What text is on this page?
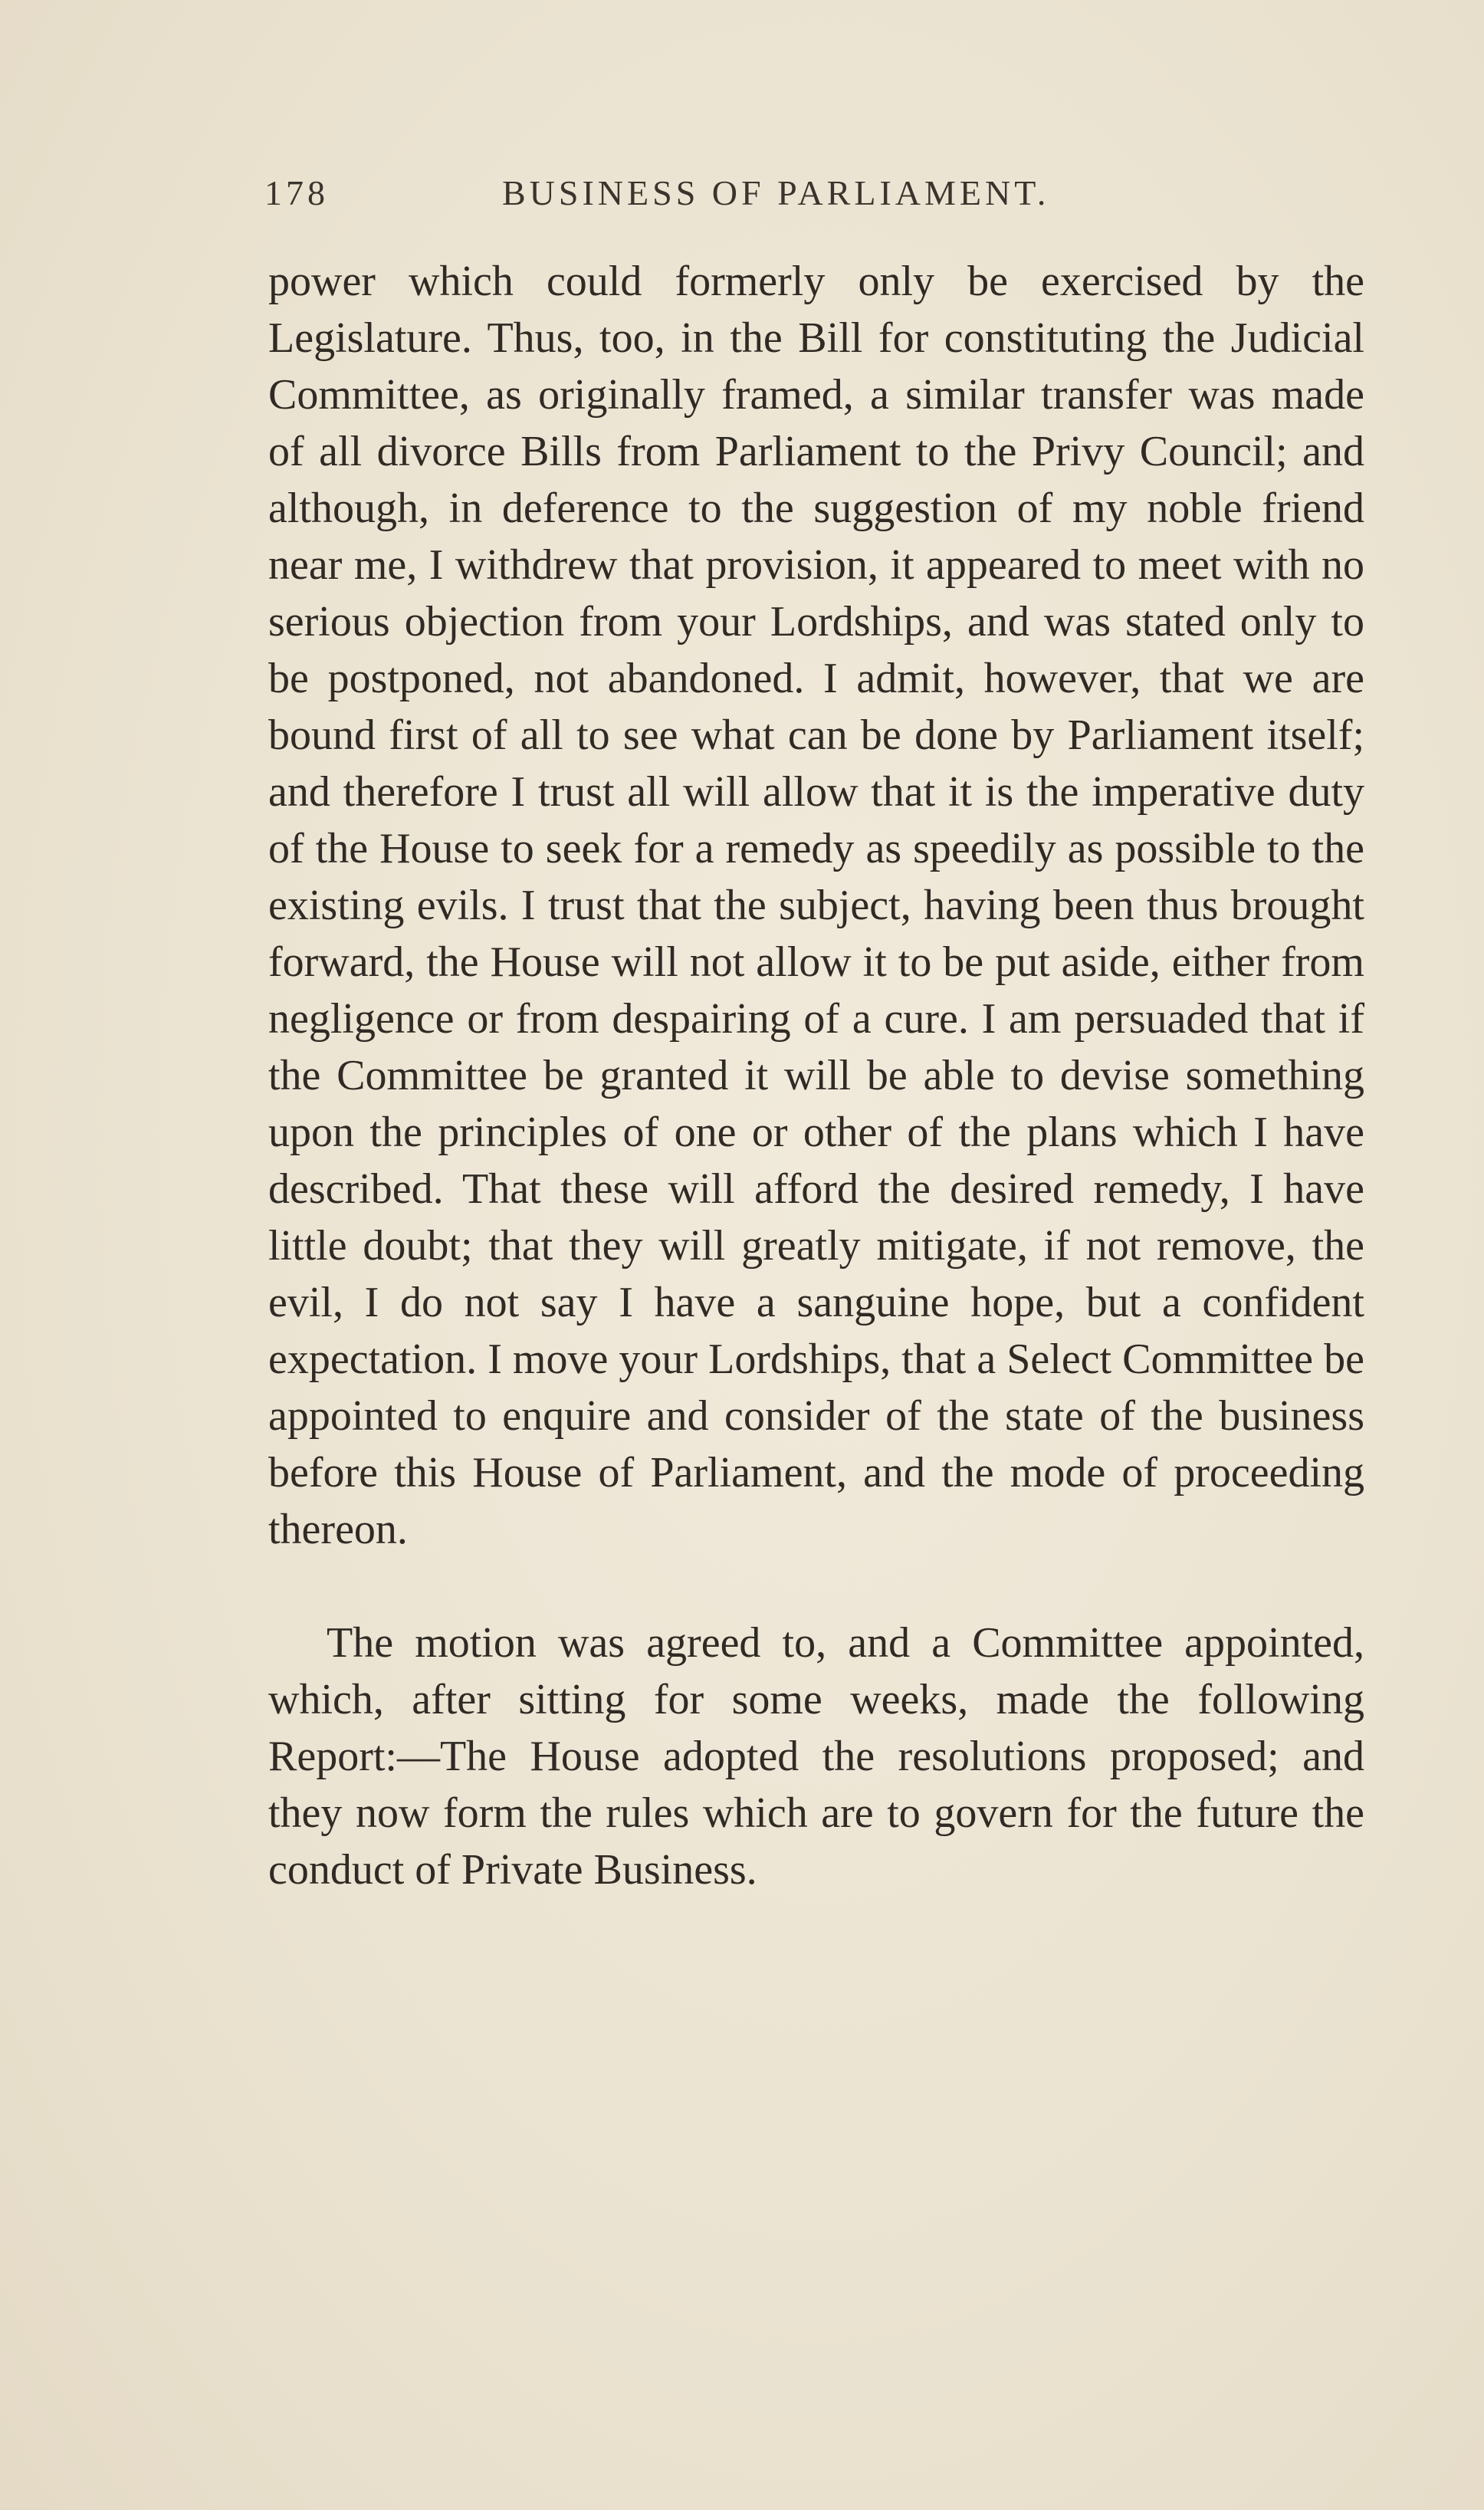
178	BUSINESS OF PARLIAMENT.

power which could formerly only be exercised by the Legislature. Thus, too, in the Bill for constituting the Judicial Committee, as originally framed, a similar transfer was made of all divorce Bills from Parliament to the Privy Council; and although, in deference to the suggestion of my noble friend near me, I withdrew that provision, it appeared to meet with no serious objection from your Lordships, and was stated only to be postponed, not abandoned. I admit, however, that we are bound first of all to see what can be done by Parliament itself; and therefore I trust all will allow that it is the imperative duty of the House to seek for a remedy as speedily as possible to the existing evils. I trust that the subject, having been thus brought forward, the House will not allow it to be put aside, either from negligence or from despairing of a cure. I am persuaded that if the Committee be granted it will be able to devise something upon the principles of one or other of the plans which I have described. That these will afford the desired remedy, I have little doubt; that they will greatly mitigate, if not remove, the evil, I do not say I have a sanguine hope, but a confident expectation. I move your Lordships, that a Select Committee be appointed to enquire and consider of the state of the business before this House of Parliament, and the mode of proceeding thereon.

The motion was agreed to, and a Committee appointed, which, after sitting for some weeks, made the following Report:—The House adopted the resolutions proposed; and they now form the rules which are to govern for the future the conduct of Private Business.
